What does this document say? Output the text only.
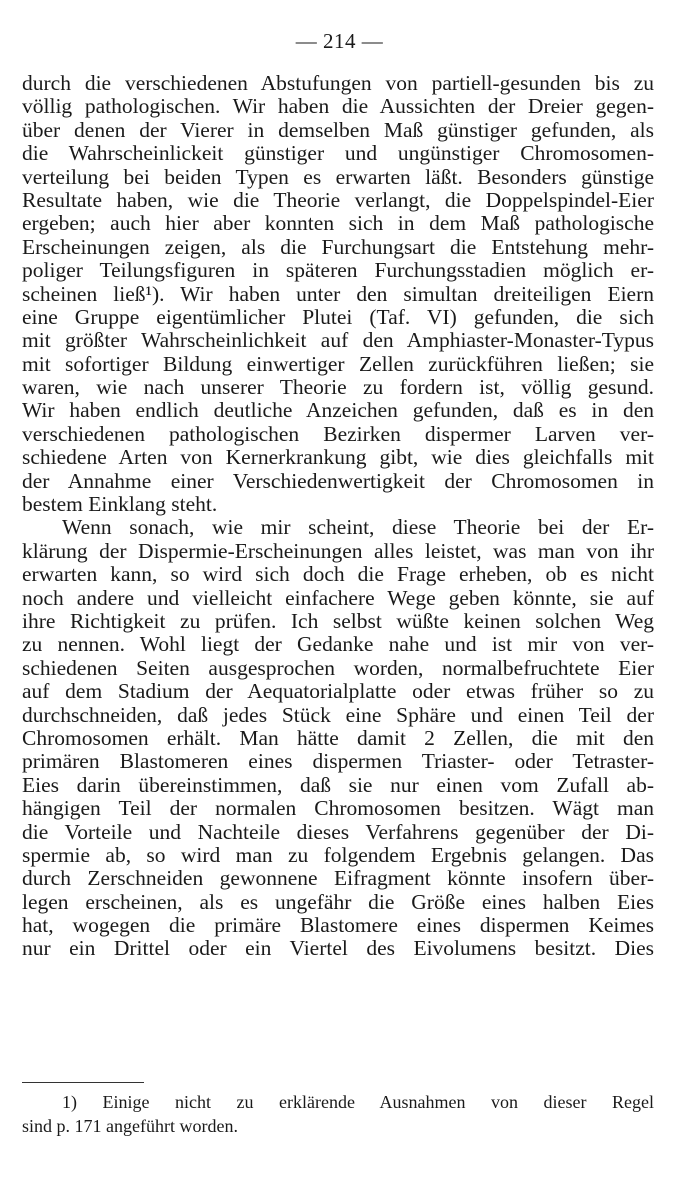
— 214 —
durch die verschiedenen Abstufungen von partiell-gesunden bis zu
völlig pathologischen. Wir haben die Aussichten der Dreier gegen-
über denen der Vierer in demselben Maß günstiger gefunden, als
die Wahrscheinlickeit günstiger und ungünstiger Chromosomen-
verteilung bei beiden Typen es erwarten läßt. Besonders günstige
Resultate haben, wie die Theorie verlangt, die Doppelspindel-Eier
ergeben; auch hier aber konnten sich in dem Maß pathologische
Erscheinungen zeigen, als die Furchungsart die Entstehung mehr-
poliger Teilungsfiguren in späteren Furchungsstadien möglich er-
scheinen ließ¹). Wir haben unter den simultan dreiteiligen Eiern
eine Gruppe eigentümlicher Plutei (Taf. VI) gefunden, die sich
mit größter Wahrscheinlichkeit auf den Amphiaster-Monaster-Typus
mit sofortiger Bildung einwertiger Zellen zurückführen ließen; sie
waren, wie nach unserer Theorie zu fordern ist, völlig gesund.
Wir haben endlich deutliche Anzeichen gefunden, daß es in den
verschiedenen pathologischen Bezirken dispermer Larven ver-
schiedene Arten von Kernerkrankung gibt, wie dies gleichfalls mit
der Annahme einer Verschiedenwertigkeit der Chromosomen in
bestem Einklang steht.
Wenn sonach, wie mir scheint, diese Theorie bei der Er-
klärung der Dispermie-Erscheinungen alles leistet, was man von ihr
erwarten kann, so wird sich doch die Frage erheben, ob es nicht
noch andere und vielleicht einfachere Wege geben könnte, sie auf
ihre Richtigkeit zu prüfen. Ich selbst wüßte keinen solchen Weg
zu nennen. Wohl liegt der Gedanke nahe und ist mir von ver-
schiedenen Seiten ausgesprochen worden, normalbefruchtete Eier
auf dem Stadium der Aequatorialplatte oder etwas früher so zu
durchschneiden, daß jedes Stück eine Sphäre und einen Teil der
Chromosomen erhält. Man hätte damit 2 Zellen, die mit den
primären Blastomeren eines dispermen Triaster- oder Tetraster-
Eies darin übereinstimmen, daß sie nur einen vom Zufall ab-
hängigen Teil der normalen Chromosomen besitzen. Wägt man
die Vorteile und Nachteile dieses Verfahrens gegenüber der Di-
spermie ab, so wird man zu folgendem Ergebnis gelangen. Das
durch Zerschneiden gewonnene Eifragment könnte insofern über-
legen erscheinen, als es ungefähr die Größe eines halben Eies
hat, wogegen die primäre Blastomere eines dispermen Keimes
nur ein Drittel oder ein Viertel des Eivolumens besitzt. Dies
1) Einige nicht zu erklärende Ausnahmen von dieser Regel
sind p. 171 angeführt worden.
